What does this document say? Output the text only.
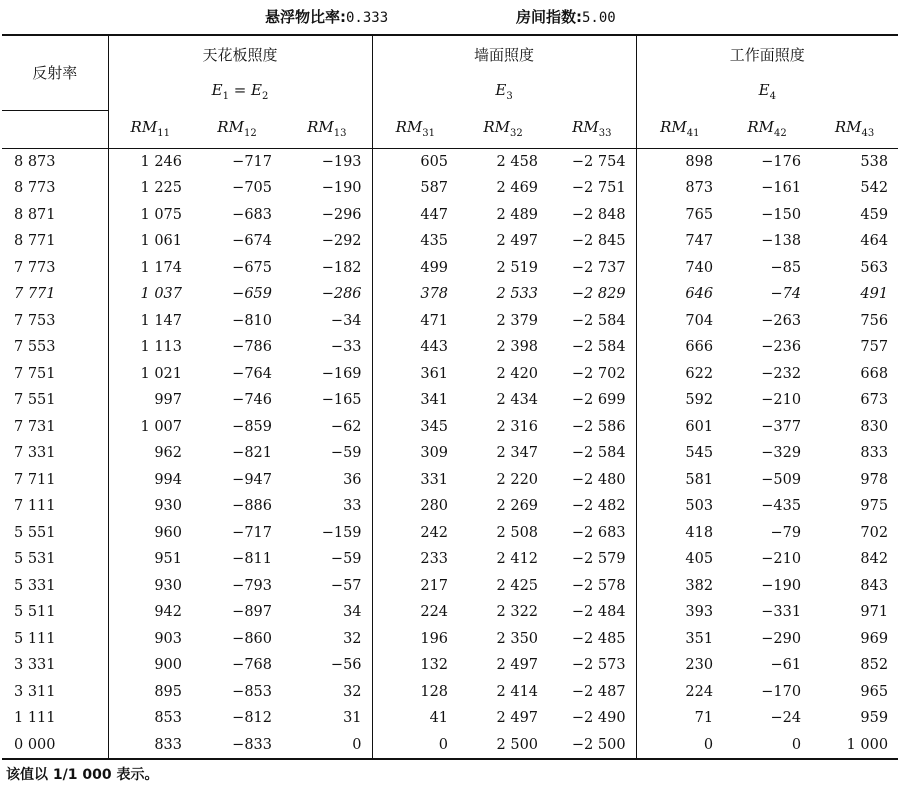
悬浮物比率:0.333	房间指数:5.00
反射率	天花板照度			墙面照度			工作面照度		
	$E_1 = E_2$			$E_3$			$E_4$
	$RM_{11}$	$RM_{12}$	$RM_{13}$	$RM_{31}$	$RM_{32}$	$RM_{33}$	$RM_{41}$	$RM_{42}$	$RM_{43}$
8 873	1 246	−717	−193	605	2 458	−2 754	898	−176	538
8 773	1 225	−705	−190	587	2 469	−2 751	873	−161	542
8 871	1 075	−683	−296	447	2 489	−2 848	765	−150	459
8 771	1 061	−674	−292	435	2 497	−2 845	747	−138	464
7 773	1 174	−675	−182	499	2 519	−2 737	740	−85	563
7 771	1 037	−659	−286	378	2 533	−2 829	646	−74	491
7 753	1 147	−810	−34	471	2 379	−2 584	704	−263	756
7 553	1 113	−786	−33	443	2 398	−2 584	666	−236	757
7 751	1 021	−764	−169	361	2 420	−2 702	622	−232	668
7 551	997	−746	−165	341	2 434	−2 699	592	−210	673
7 731	1 007	−859	−62	345	2 316	−2 586	601	−377	830
7 331	962	−821	−59	309	2 347	−2 584	545	−329	833
7 711	994	−947	36	331	2 220	−2 480	581	−509	978
7 111	930	−886	33	280	2 269	−2 482	503	−435	975
5 551	960	−717	−159	242	2 508	−2 683	418	−79	702
5 531	951	−811	−59	233	2 412	−2 579	405	−210	842
5 331	930	−793	−57	217	2 425	−2 578	382	−190	843
5 511	942	−897	34	224	2 322	−2 484	393	−331	971
5 111	903	−860	32	196	2 350	−2 485	351	−290	969
3 331	900	−768	−56	132	2 497	−2 573	230	−61	852
3 311	895	−853	32	128	2 414	−2 487	224	−170	965
1 111	853	−812	31	41	2 497	−2 490	71	−24	959
0 000	833	−833	0	0	2 500	−2 500	0	0	1 000
该值以 1/1 000 表示。
